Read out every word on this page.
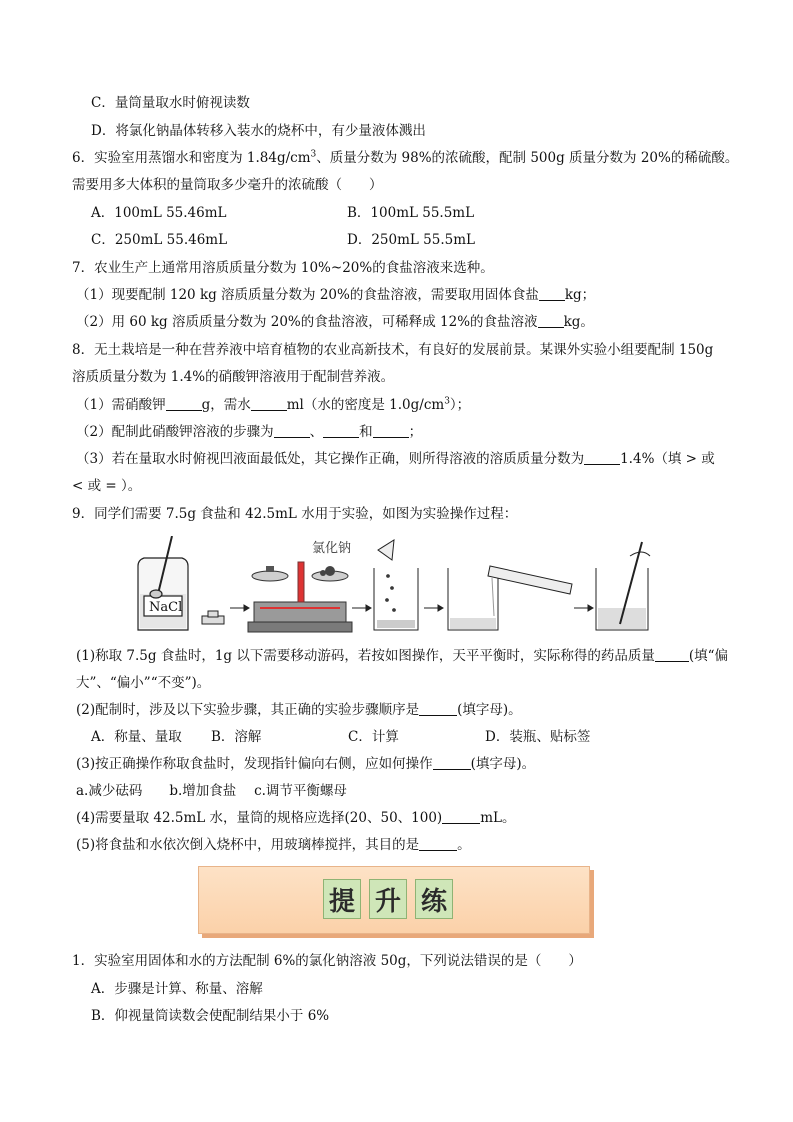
C．量筒量取水时俯视读数
D．将氯化钠晶体转移入装水的烧杯中，有少量液体溅出
6．实验室用蒸馏水和密度为 $1.84g/cm^3$、质量分数为 98%的浓硫酸，配制 500g 质量分数为 20%的稀硫酸。
需要用多大体积的量筒取多少毫升的浓硫酸（　　）
A．100mL 55.46mL	B．100mL 55.5mL
C．250mL 55.46mL	D．250mL 55.5mL
7．农业生产上通常用溶质质量分数为 10%~20%的食盐溶液来选种。
（1）现要配制 120 kg 溶质质量分数为 20%的食盐溶液，需要取用固体食盐 kg；
（2）用 60 kg 溶质质量分数为 20%的食盐溶液，可稀释成 12%的食盐溶液 kg。
8．无土栽培是一种在营养液中培育植物的农业高新技术，有良好的发展前景。某课外实验小组要配制 150g
溶质质量分数为 1.4%的硝酸钾溶液用于配制营养液。
（1）需硝酸钾	g，需水	ml（水的密度是 $1.0g/cm^3$）；
（2）配制此硝酸钾溶液的步骤为	、	和	；
（3）若在量取水时俯视凹液面最低处，其它操作正确，则所得溶液的溶质质量分数为	1.4%（填 > 或
< 或 = ）。
9．同学们需要 7.5g 食盐和 42.5mL 水用于实验，如图为实验操作过程：
NaCl
氯化钠
(1)称取 7.5g 食盐时，1g 以下需要移动游码，若按如图操作，天平平衡时，实际称得的药品质量	(填“偏
大”、“偏小”“不变”)。
(2)配制时，涉及以下实验步骤，其正确的实验步骤顺序是	(填字母)。
A．称量、量取 B．溶解	C．计算	D．装瓶、贴标签
(3)按正确操作称取食盐时，发现指针偏向右侧，应如何操作	(填字母)。
a.减少砝码　　b.增加食盐　 c.调节平衡螺母
(4)需要量取 42.5mL 水，量筒的规格应选择(20、50、100)	mL。
(5)将食盐和水依次倒入烧杯中，用玻璃棒搅拌，其目的是	。
提 升 练
1．实验室用固体和水的方法配制 6%的氯化钠溶液 50g，下列说法错误的是（　　）
A．步骤是计算、称量、溶解
B．仰视量筒读数会使配制结果小于 6%
